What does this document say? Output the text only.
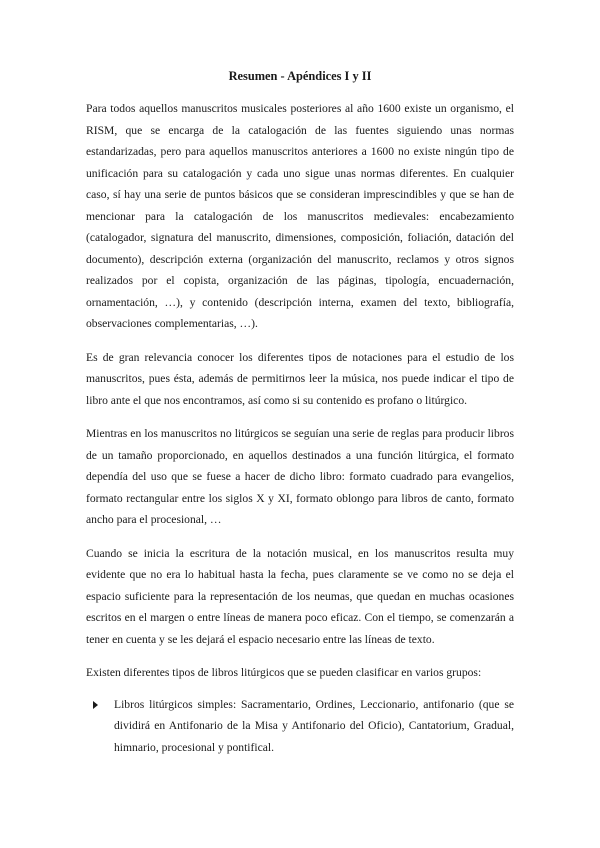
Resumen - Apéndices I y II

Para todos aquellos manuscritos musicales posteriores al año 1600 existe un organismo, el RISM, que se encarga de la catalogación de las fuentes siguiendo unas normas estandarizadas, pero para aquellos manuscritos anteriores a 1600 no existe ningún tipo de unificación para su catalogación y cada uno sigue unas normas diferentes. En cualquier caso, sí hay una serie de puntos básicos que se consideran imprescindibles y que se han de mencionar para la catalogación de los manuscritos medievales: encabezamiento (catalogador, signatura del manuscrito, dimensiones, composición, foliación, datación del documento), descripción externa (organización del manuscrito, reclamos y otros signos realizados por el copista, organización de las páginas, tipología, encuadernación, ornamentación, …), y contenido (descripción interna, examen del texto, bibliografía, observaciones complementarias, …).

Es de gran relevancia conocer los diferentes tipos de notaciones para el estudio de los manuscritos, pues ésta, además de permitirnos leer la música, nos puede indicar el tipo de libro ante el que nos encontramos, así como si su contenido es profano o litúrgico.

Mientras en los manuscritos no litúrgicos se seguían una serie de reglas para producir libros de un tamaño proporcionado, en aquellos destinados a una función litúrgica, el formato dependía del uso que se fuese a hacer de dicho libro: formato cuadrado para evangelios, formato rectangular entre los siglos X y XI, formato oblongo para libros de canto, formato ancho para el procesional, …

Cuando se inicia la escritura de la notación musical, en los manuscritos resulta muy evidente que no era lo habitual hasta la fecha, pues claramente se ve como no se deja el espacio suficiente para la representación de los neumas, que quedan en muchas ocasiones escritos en el margen o entre líneas de manera poco eficaz. Con el tiempo, se comenzarán a tener en cuenta y se les dejará el espacio necesario entre las líneas de texto.

Existen diferentes tipos de libros litúrgicos que se pueden clasificar en varios grupos:

Libros litúrgicos simples: Sacramentario, Ordines, Leccionario, antifonario (que se dividirá en Antifonario de la Misa y Antifonario del Oficio), Cantatorium, Gradual, himnario, procesional y pontifical.
